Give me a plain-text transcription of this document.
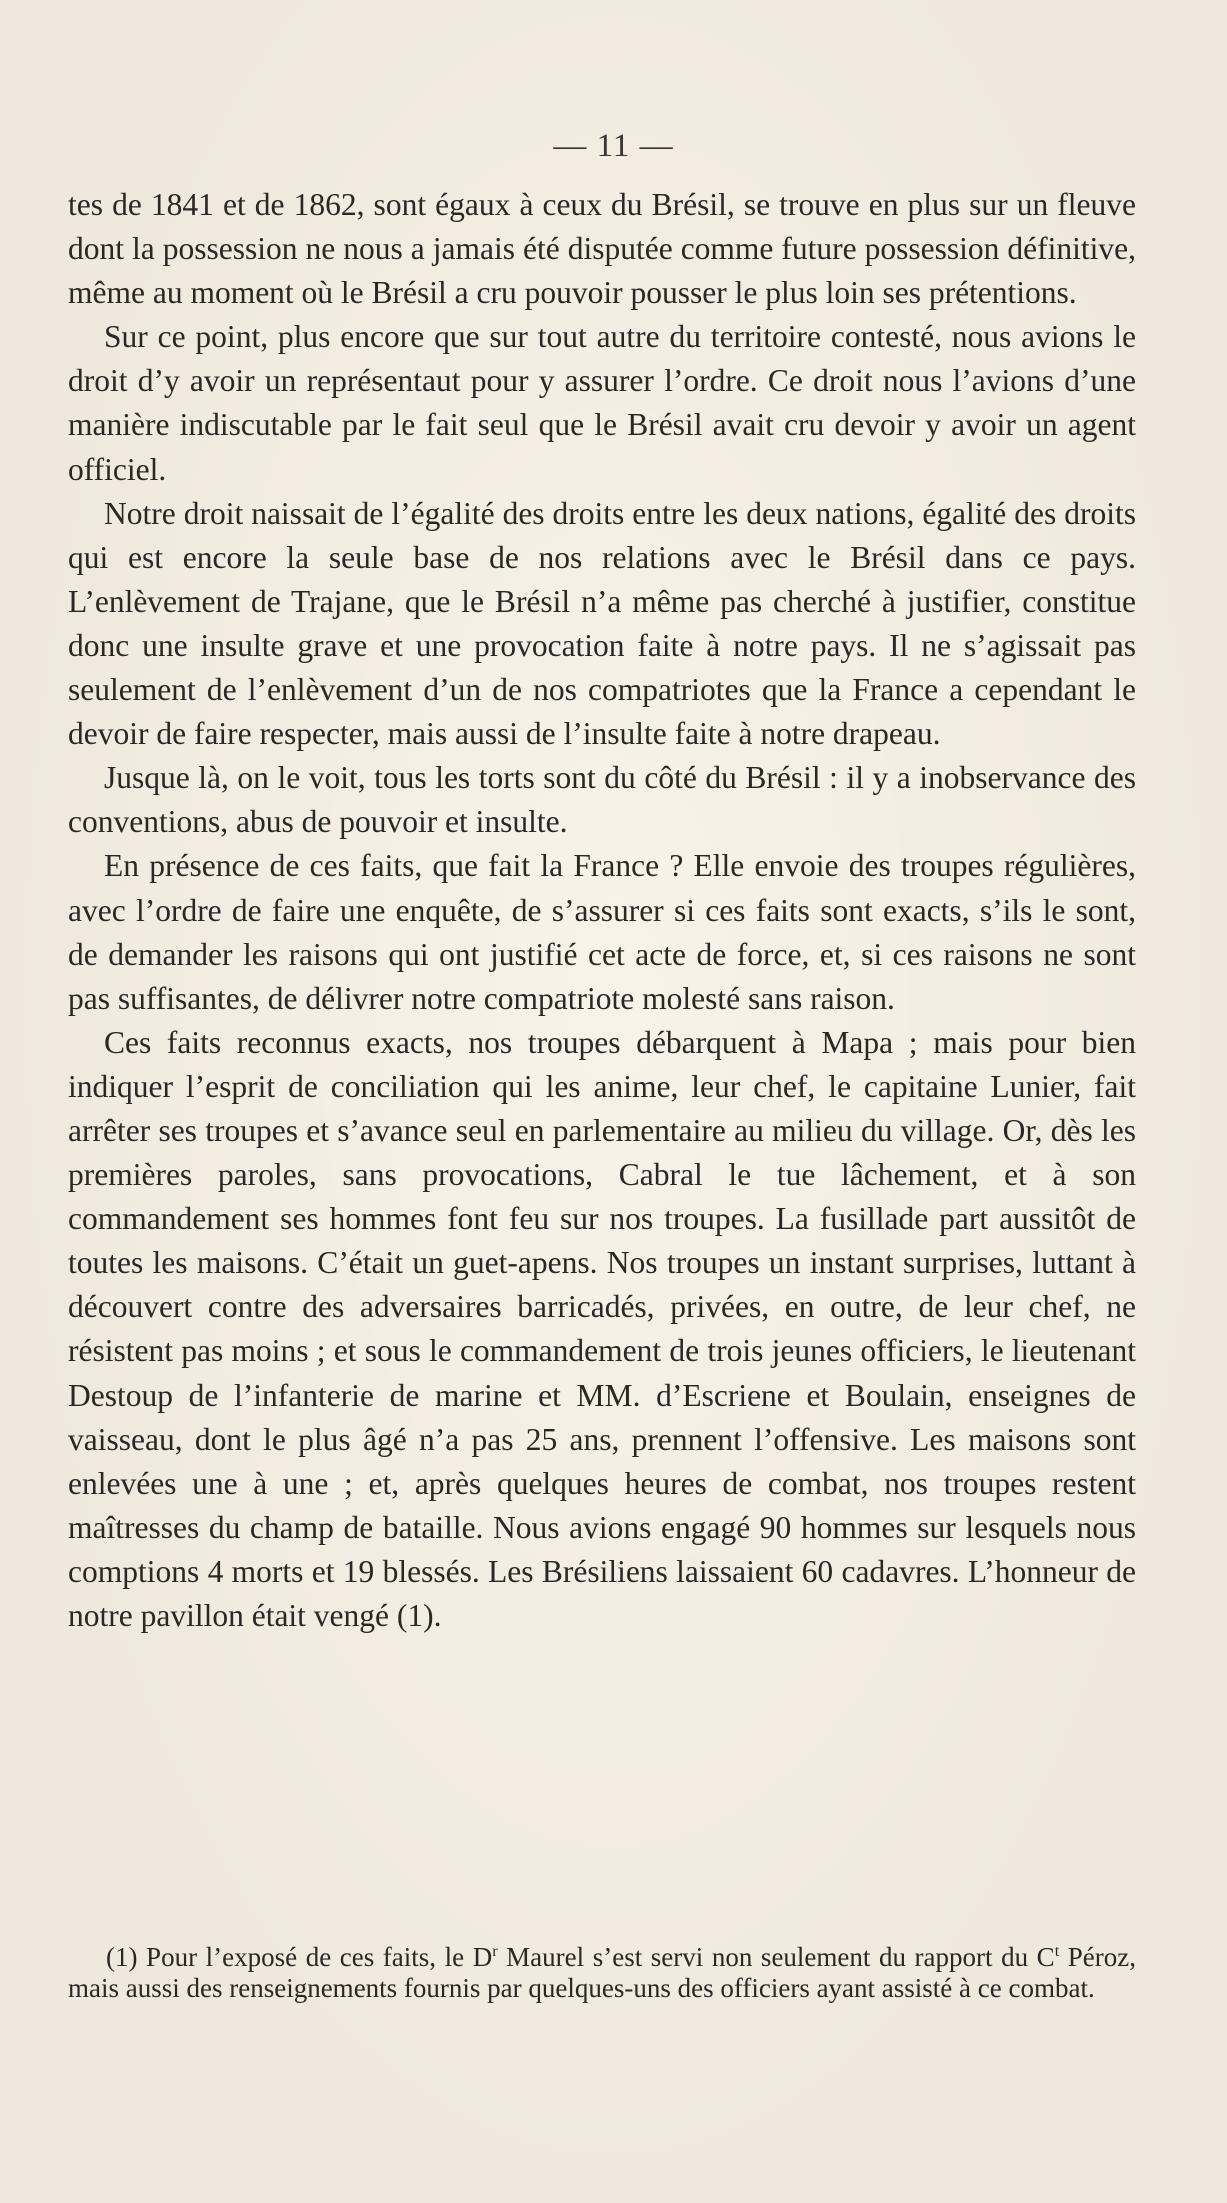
— 11 —

tes de 1841 et de 1862, sont égaux à ceux du Brésil, se trouve en plus sur un fleuve dont la possession ne nous a jamais été disputée comme future possession définitive, même au moment où le Brésil a cru pouvoir pousser le plus loin ses prétentions.

Sur ce point, plus encore que sur tout autre du territoire contesté, nous avions le droit d’y avoir un représentaut pour y assurer l’ordre. Ce droit nous l’avions d’une manière indiscutable par le fait seul que le Brésil avait cru devoir y avoir un agent officiel.

Notre droit naissait de l’égalité des droits entre les deux nations, égalité des droits qui est encore la seule base de nos relations avec le Brésil dans ce pays. L’enlèvement de Trajane, que le Brésil n’a même pas cherché à justifier, constitue donc une insulte grave et une provocation faite à notre pays. Il ne s’agissait pas seulement de l’enlèvement d’un de nos compatriotes que la France a cependant le devoir de faire respecter, mais aussi de l’insulte faite à notre drapeau.

Jusque là, on le voit, tous les torts sont du côté du Brésil : il y a inobservance des conventions, abus de pouvoir et insulte.

En présence de ces faits, que fait la France ? Elle envoie des troupes régulières, avec l’ordre de faire une enquête, de s’assurer si ces faits sont exacts, s’ils le sont, de demander les raisons qui ont justifié cet acte de force, et, si ces raisons ne sont pas suffisantes, de délivrer notre compatriote molesté sans raison.

Ces faits reconnus exacts, nos troupes débarquent à Mapa ; mais pour bien indiquer l’esprit de conciliation qui les anime, leur chef, le capitaine Lunier, fait arrêter ses troupes et s’avance seul en parlementaire au milieu du village. Or, dès les premières paroles, sans provocations, Cabral le tue lâchement, et à son commandement ses hommes font feu sur nos troupes. La fusillade part aussitôt de toutes les maisons. C’était un guet-apens. Nos troupes un instant surprises, luttant à découvert contre des adversaires barricadés, privées, en outre, de leur chef, ne résistent pas moins ; et sous le commandement de trois jeunes officiers, le lieutenant Destoup de l’infanterie de marine et MM. d’Escriene et Boulain, enseignes de vaisseau, dont le plus âgé n’a pas 25 ans, prennent l’offensive. Les maisons sont enlevées une à une ; et, après quelques heures de combat, nos troupes restent maîtresses du champ de bataille. Nous avions engagé 90 hommes sur lesquels nous comptions 4 morts et 19 blessés. Les Brésiliens laissaient 60 cadavres. L’honneur de notre pavillon était vengé (1).

(1) Pour l’exposé de ces faits, le $D^r$ Maurel s’est servi non seulement du rapport du $C^t$ Péroz, mais aussi des renseignements fournis par quelques-uns des officiers ayant assisté à ce combat.
